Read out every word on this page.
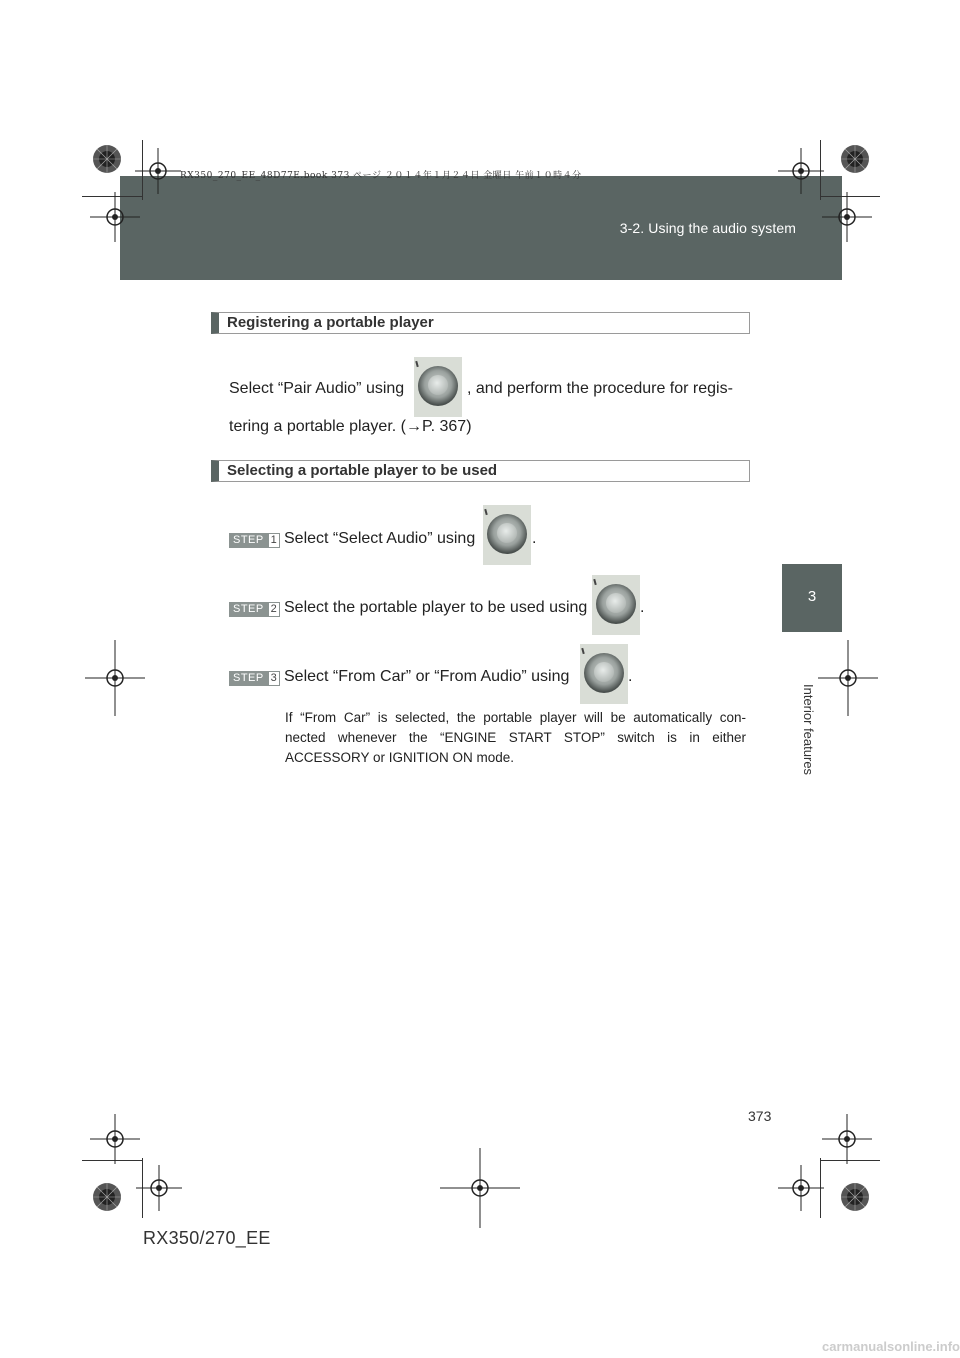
RX350_270_EE_48D77E.book 373 ページ ２０１４年１月２４日 金曜日 午前１０時４分
3-2. Using the audio system
3
Interior features
Registering a portable player
Select “Pair Audio” using	, and perform the procedure for regis-
tering a portable player. (→P. 367)
Selecting a portable player to be used
STEP 1 Select “Select Audio” using	.
STEP 2 Select the portable player to be used using	.
STEP 3 Select “From Car” or “From Audio” using	.
If “From Car” is selected, the portable player will be automatically con- nected whenever the “ENGINE START STOP” switch is in either ACCESSORY or IGNITION ON mode.
373
RX350/270_EE
carmanualsonline.info
